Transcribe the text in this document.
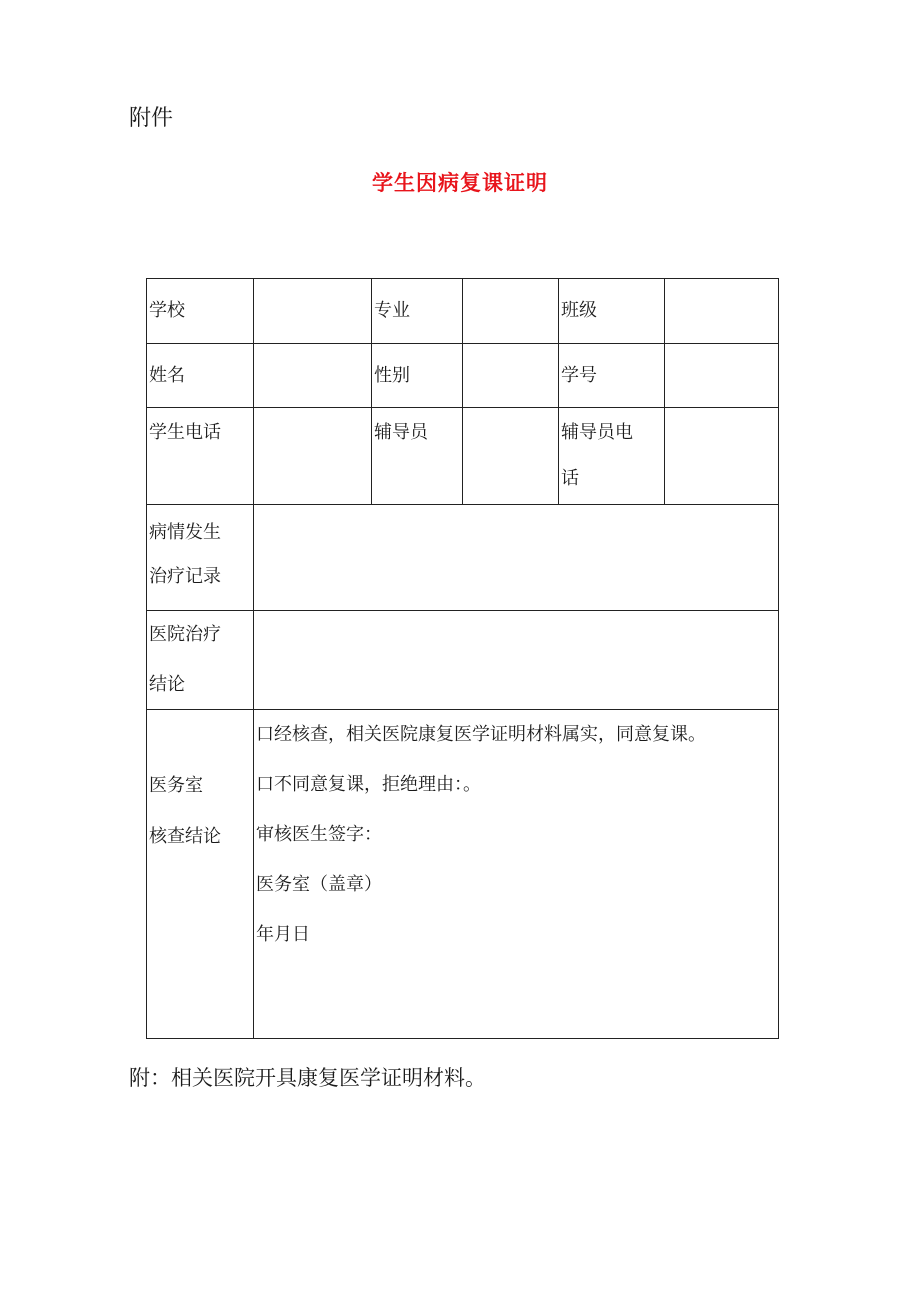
附件
学生因病复课证明
学校		专业		班级	

姓名		性别		学号	

学生电话		辅导员		辅导员电
话	

病情发生
治疗记录					

医院治疗
结论					

医务室
核查结论	口经核查，相关医院康复医学证明材料属实，同意复课。
口不同意复课，拒绝理由：。
审核医生签字：
医务室（盖章）
年月日				
附：相关医院开具康复医学证明材料。
